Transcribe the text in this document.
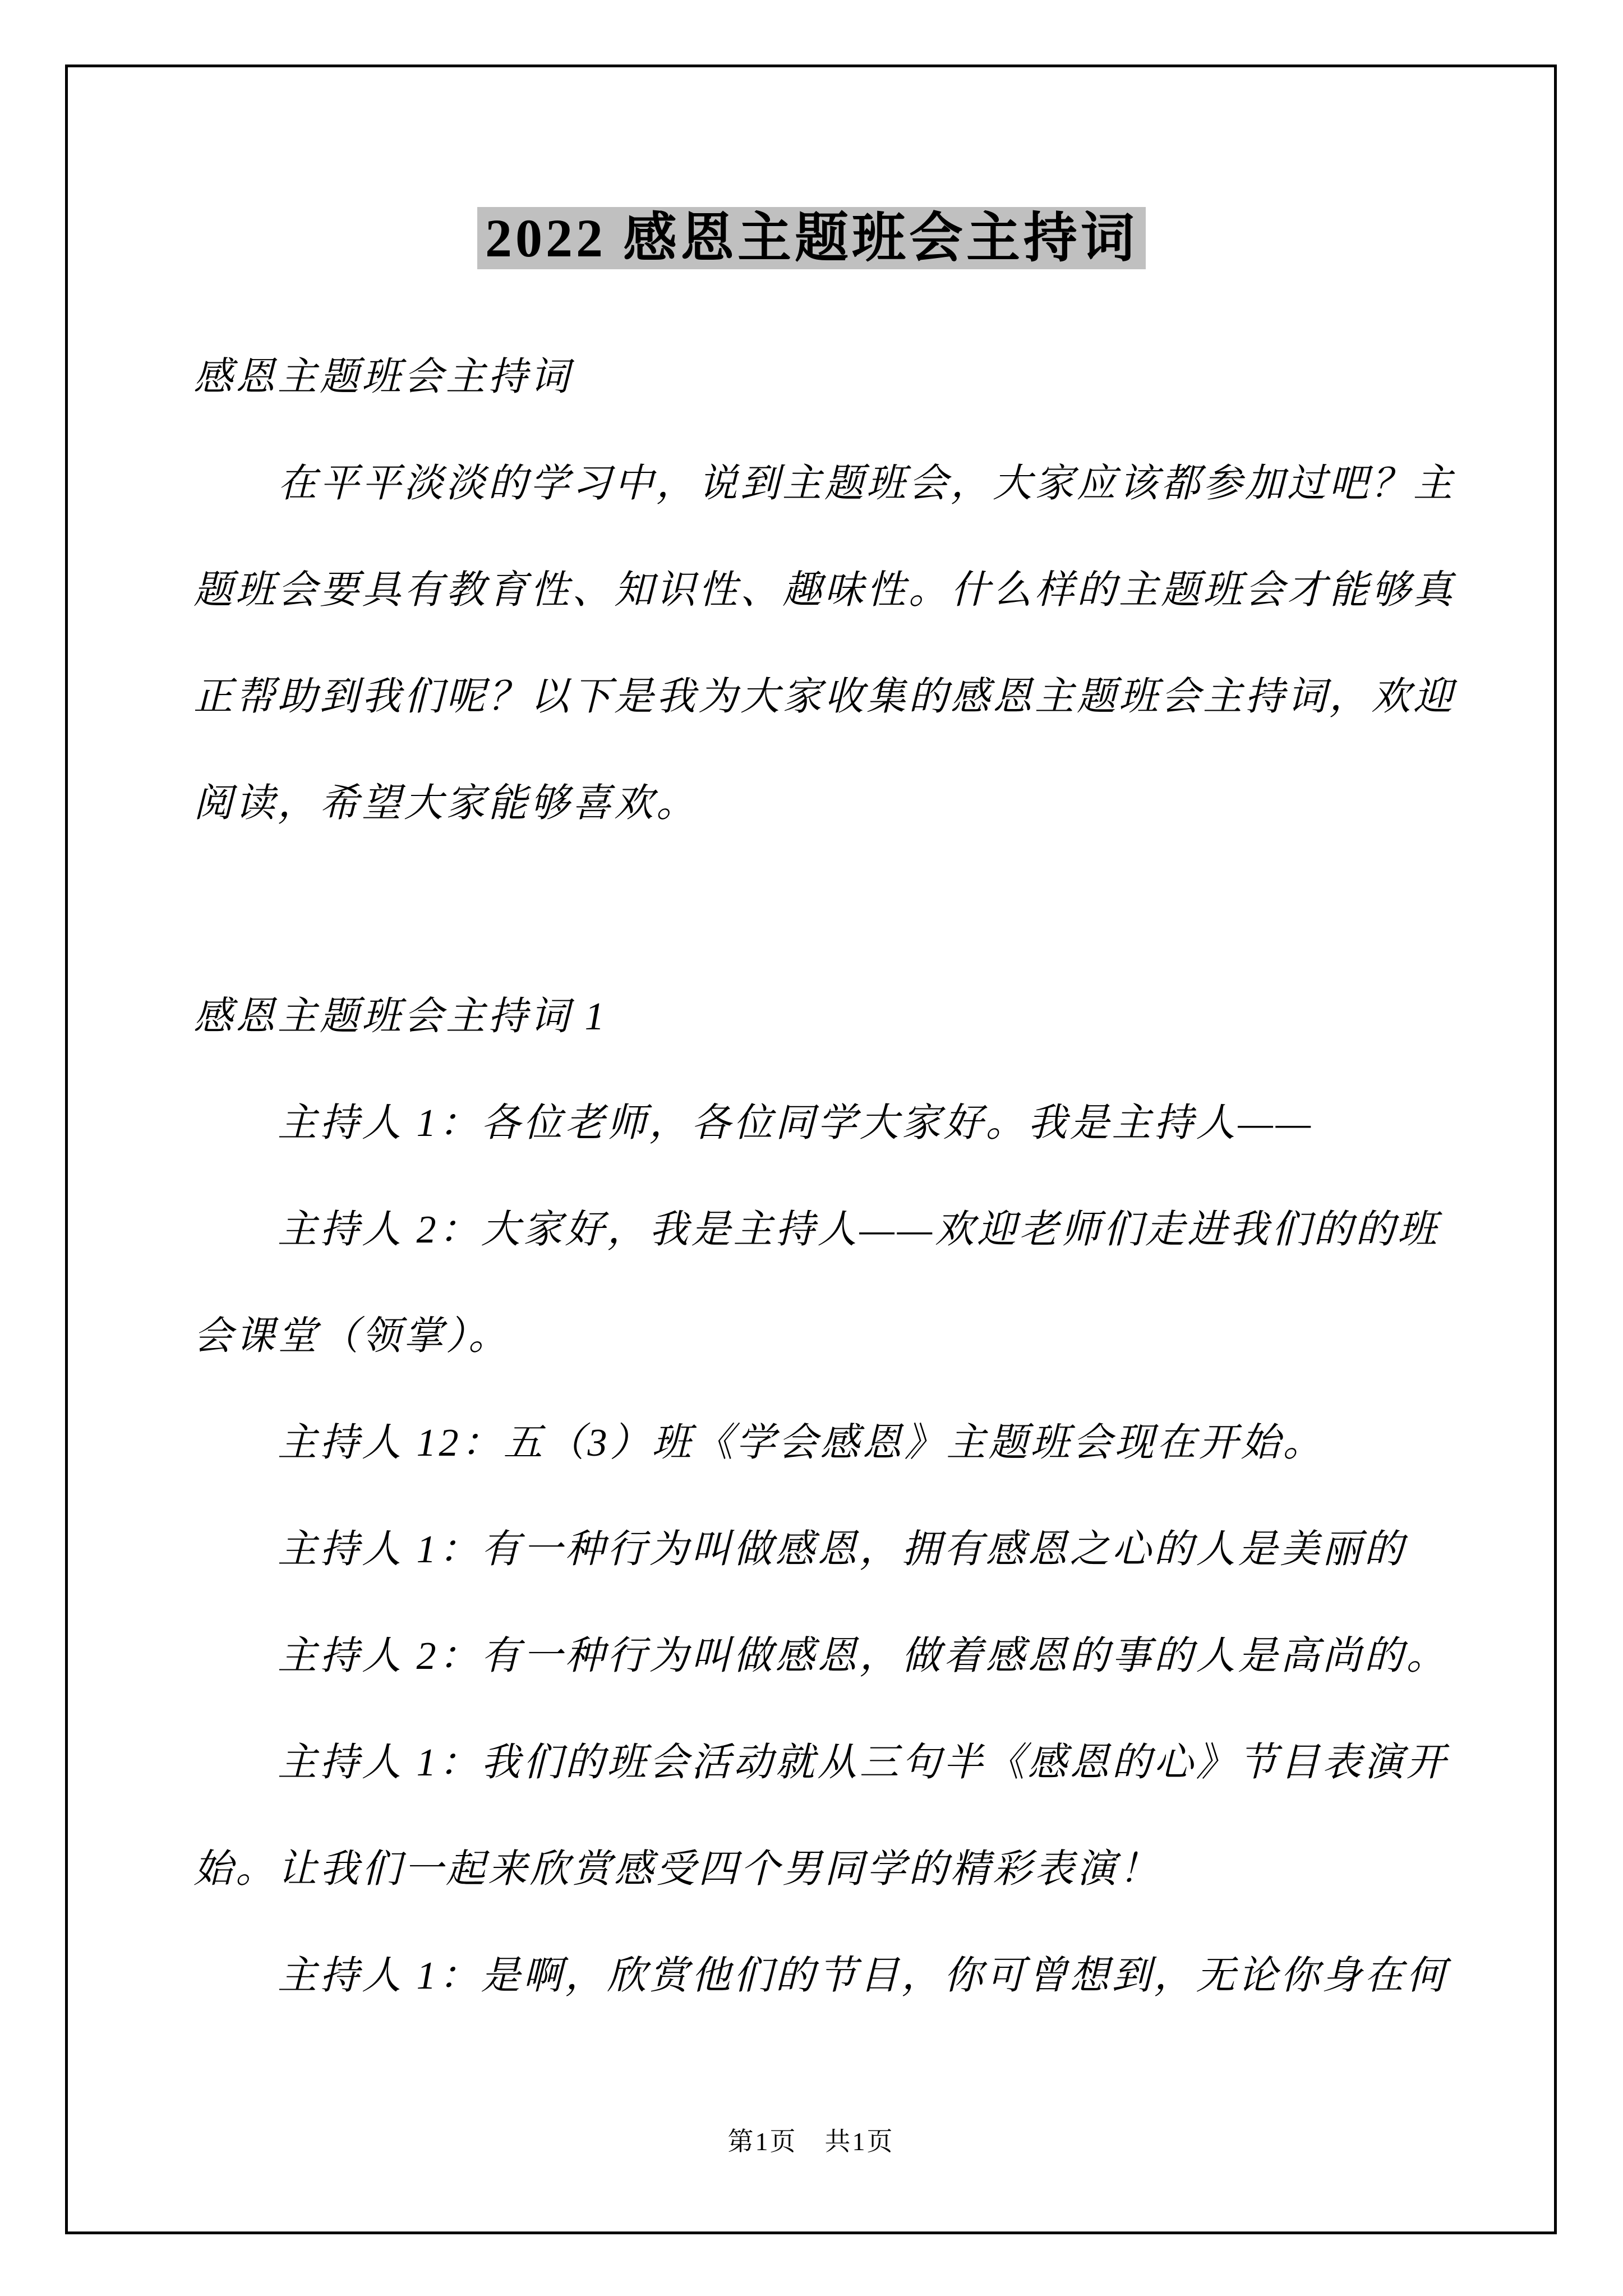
2022 感恩主题班会主持词
感恩主题班会主持词
在平平淡淡的学习中，说到主题班会，大家应该都参加过吧？主
题班会要具有教育性、知识性、趣味性。什么样的主题班会才能够真
正帮助到我们呢？以下是我为大家收集的感恩主题班会主持词，欢迎
阅读，希望大家能够喜欢。

感恩主题班会主持词 1
主持人 1：各位老师，各位同学大家好。我是主持人——
主持人 2：大家好，我是主持人——欢迎老师们走进我们的的班
会课堂（领掌）。
主持人 12：五（3）班《学会感恩》主题班会现在开始。
主持人 1：有一种行为叫做感恩，拥有感恩之心的人是美丽的
主持人 2：有一种行为叫做感恩，做着感恩的事的人是高尚的。
主持人 1：我们的班会活动就从三句半《感恩的心》节目表演开
始。让我们一起来欣赏感受四个男同学的精彩表演！
主持人 1：是啊，欣赏他们的节目，你可曾想到，无论你身在何
第1页　共1页
